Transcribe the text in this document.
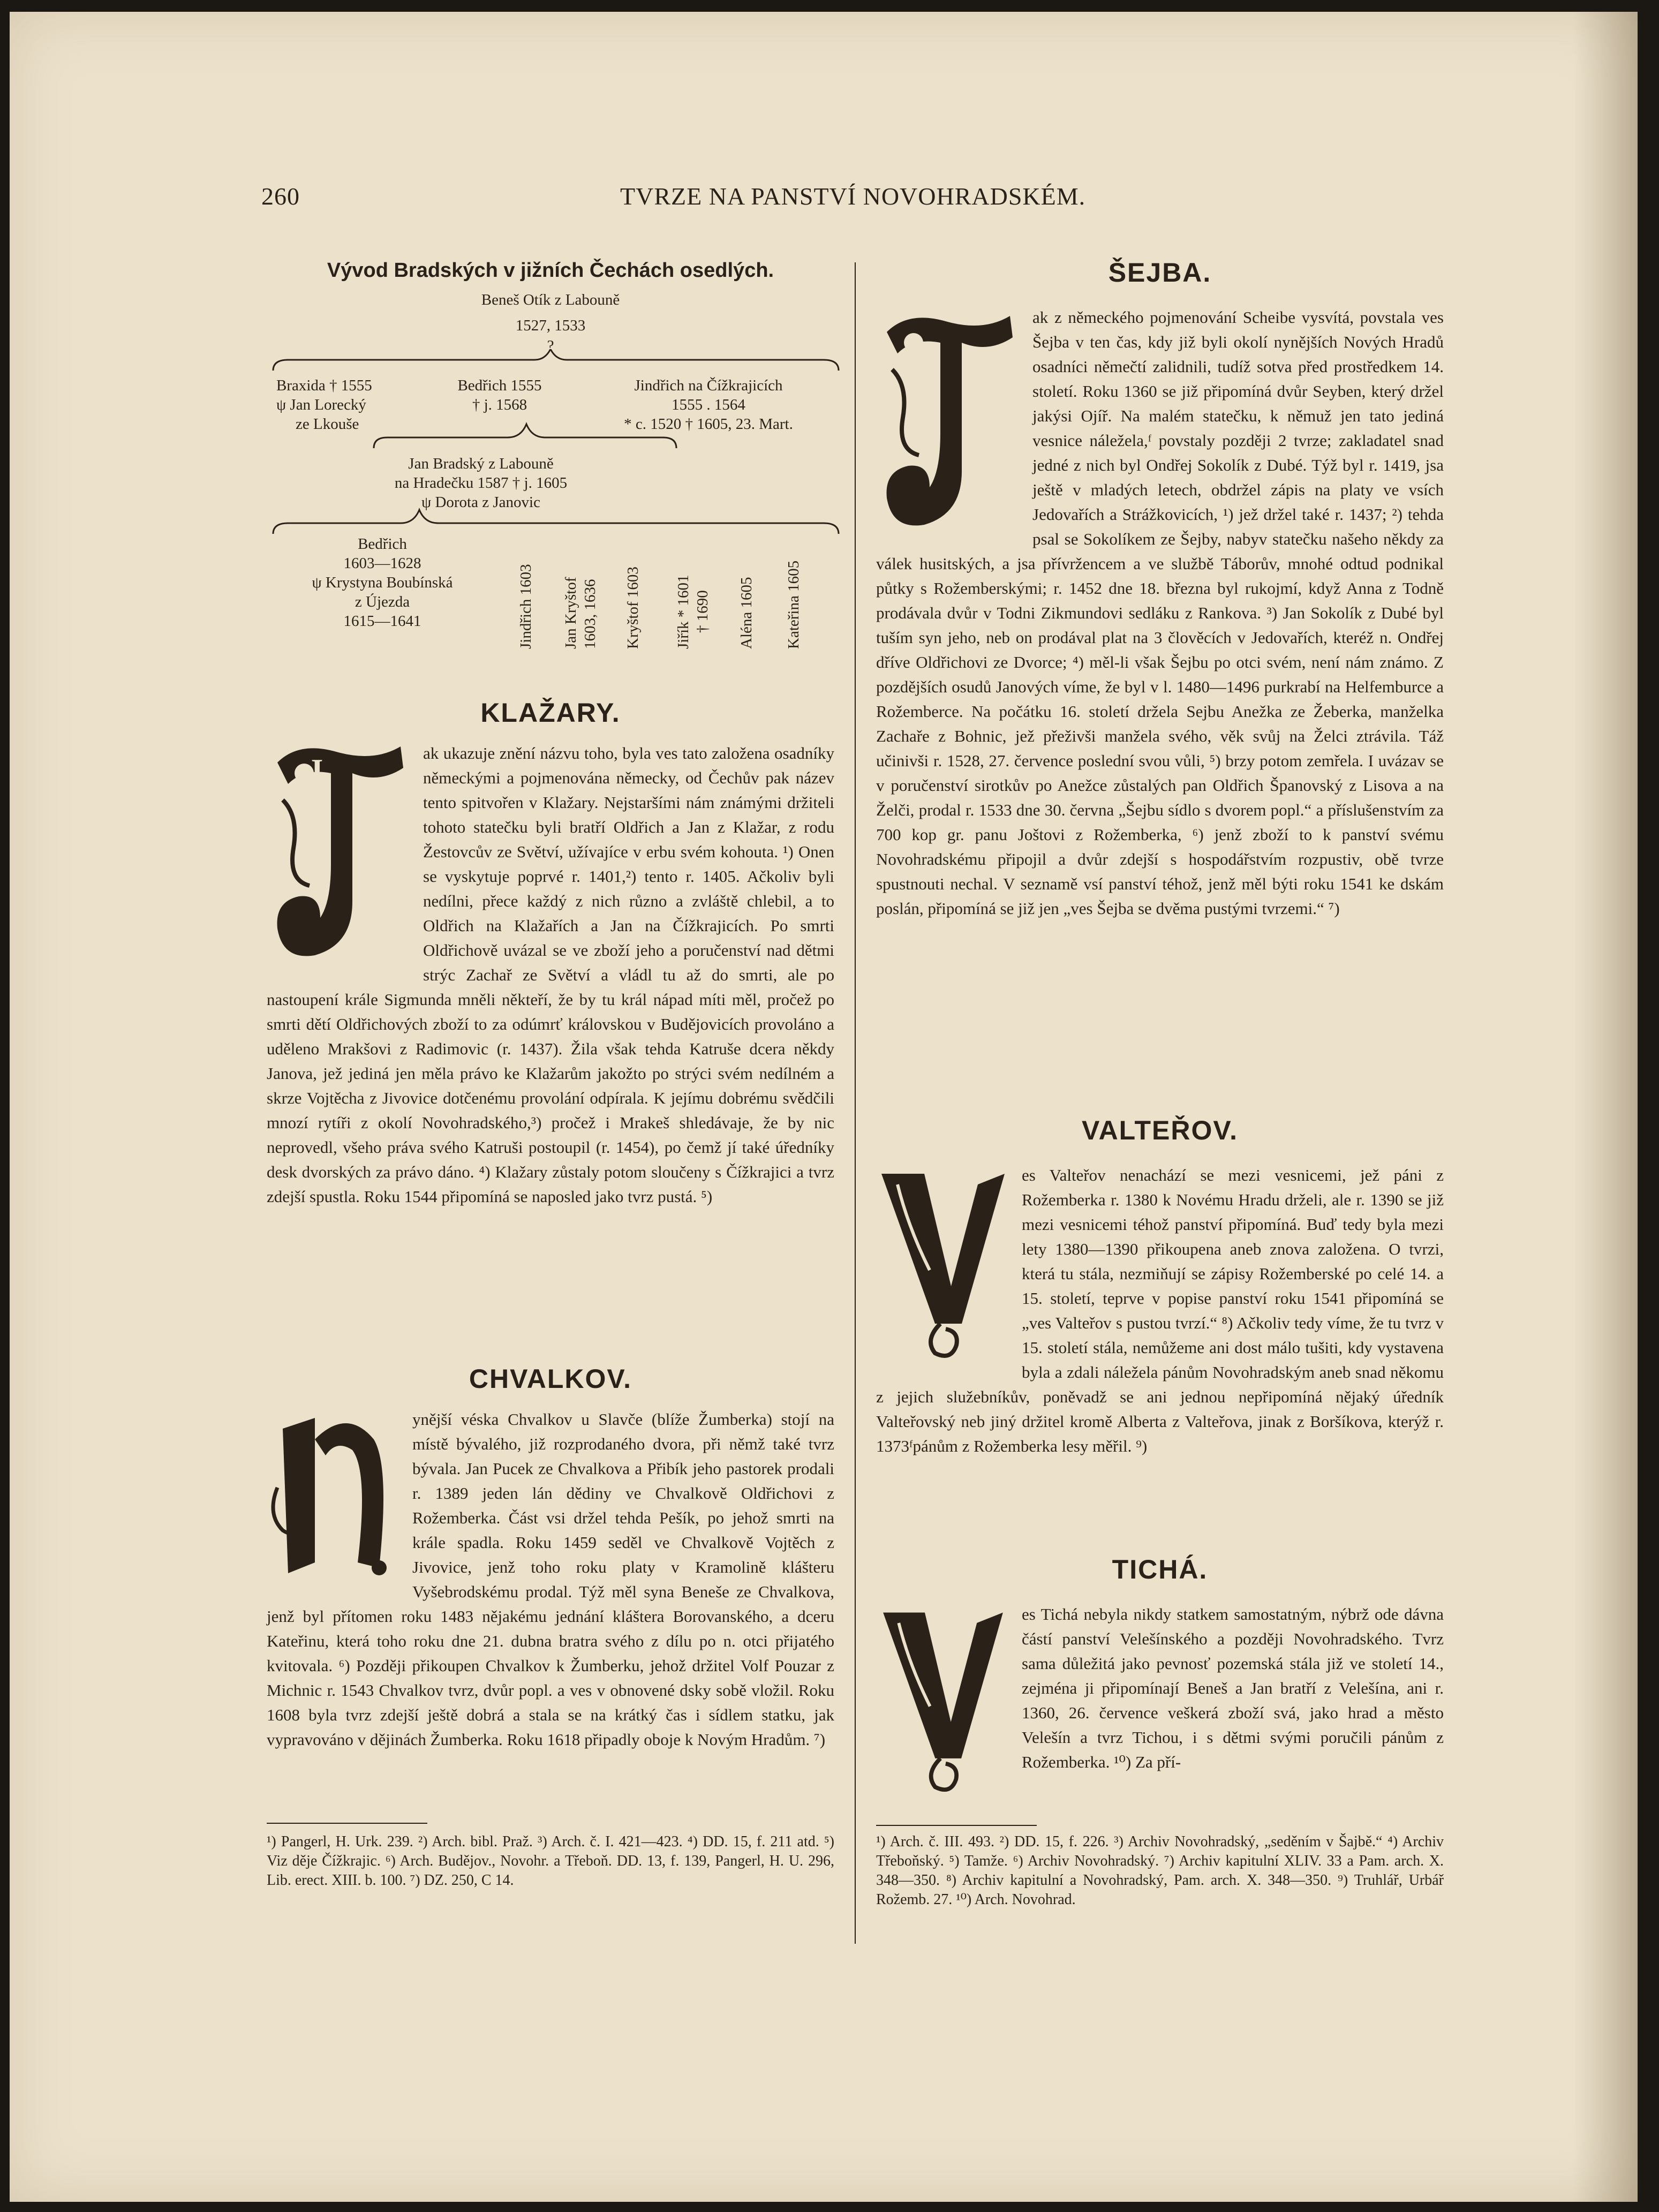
260	TVRZE NA PANSTVÍ NOVOHRADSKÉM.
Vývod Bradských v jižních Čechách osedlých.
Beneš Otík z Labouně
1527, 1533
?
Braxida † 1555
ψ Jan Lorecký
ze Lkouše
Bedřich 1555
† j. 1568
Jindřich na Čížkrajicích
1555 . 1564
* c. 1520 † 1605, 23. Mart.
Jan Bradský z Labouně
na Hradečku 1587 † j. 1605
ψ Dorota z Janovic
Bedřich
1603—1628
ψ Krystyna Boubínská
z Újezda
1615—1641	Jindřich 1603 Jan Kryštof 1603, 1636 Kryštof 1603 Jiřík * 1601 † 1690 Aléna 1605 Kateřina 1605
KLAŽARY.
J	ak ukazuje znění názvu toho, byla ves tato založena osadníky německými a pojmenována německy, od Čechův pak název tento spitvořen v Klažary. Nejstaršími nám známými držiteli tohoto statečku byli bratří Oldřich a Jan z Klažar, z rodu Žestovcův ze Světví, užívajíce v erbu svém kohouta. ¹) Onen se vyskytuje poprvé r. 1401,²) tento r. 1405. Ačkoliv byli nedílni, přece každý z nich různo a zvláště chlebil, a to Oldřich na Klažařích a Jan na Čížkrajicích. Po smrti Oldřichově uvázal se ve zboží jeho a poručenství nad dětmi strýc Zachař ze Světví a vládl tu až do smrti, ale po nastoupení krále Sigmunda mněli někteří, že by tu král nápad míti měl, pročež po smrti dětí Oldřichových zboží to za odúmrť královskou v Budějovicích provoláno a uděleno Mrakšovi z Radimovic (r. 1437). Žila však tehda Katruše dcera někdy Janova, jež jediná jen měla právo ke Klažarům jakožto po strýci svém nedílném a skrze Vojtěcha z Jivovice dotčenému provolání odpírala. K jejímu dobrému svědčili mnozí rytíři z okolí Novohradského,³) pročež i Mrakeš shledávaje, že by nic neprovedl, všeho práva svého Katruši postoupil (r. 1454), po čemž jí také úředníky desk dvorských za právo dáno. ⁴) Klažary zůstaly potom sloučeny s Čížkrajici a tvrz zdejší spustla. Roku 1544 připomíná se naposled jako tvrz pustá. ⁵)

CHVALKOV.

ynější véska Chvalkov u Slavče (blíže Žumberka) stojí na místě bývalého, již rozprodaného dvora, při němž také tvrz bývala. Jan Pucek ze Chvalkova a Přibík jeho pastorek prodali r. 1389 jeden lán dědiny ve Chvalkově Oldřichovi z Rožemberka. Část vsi držel tehda Pešík, po jehož smrti na krále spadla. Roku 1459 seděl ve Chvalkově Vojtěch z Jivovice, jenž toho roku platy v Kramolině klášteru Vyšebrodskému prodal. Týž měl syna Beneše ze Chvalkova, jenž byl přítomen roku 1483 nějakému jednání kláštera Borovanského, a dceru Kateřinu, která toho roku dne 21. dubna bratra svého z dílu po n. otci přijatého kvitovala. ⁶) Později přikoupen Chvalkov k Žumberku, jehož držitel Volf Pouzar z Michnic r. 1543 Chvalkov tvrz, dvůr popl. a ves v obnovené dsky sobě vložil. Roku 1608 byla tvrz zdejší ještě dobrá a stala se na krátký čas i sídlem statku, jak vypravováno v dějinách Žumberka. Roku 1618 připadly oboje k Novým Hradům. ⁷)

¹) Pangerl, H. Urk. 239. ²) Arch. bibl. Praž. ³) Arch. č. I. 421—423. ⁴) DD. 15, f. 211 atd. ⁵) Viz děje Čížkrajic. ⁶) Arch. Budějov., Novohr. a Třeboň. DD. 13, f. 139, Pangerl, H. U. 296, Lib. erect. XIII. b. 100. ⁷) DZ. 250, C 14.
ŠEJBA.

ak z německého pojmenování Scheibe vysvítá, povstala ves Šejba v ten čas, kdy již byli okolí nynějších Nových Hradů osadníci němečtí zalidnili, tudíž sotva před prostředkem 14. století. Roku 1360 se již připomíná dvůr Seyben, který držel jakýsi Ojíř. Na malém statečku, k němuž jen tato jediná vesnice náležela,ᶠ povstaly později 2 tvrze; zakladatel snad jedné z nich byl Ondřej Sokolík z Dubé. Týž byl r. 1419, jsa ještě v mladých letech, obdržel zápis na platy ve vsích Jedovařích a Strážkovicích, ¹) jež držel také r. 1437; ²) tehda psal se Sokolíkem ze Šejby, nabyv statečku našeho někdy za válek husitských, a jsa přívržencem a ve službě Táborův, mnohé odtud podnikal půtky s Rožemberskými; r. 1452 dne 18. března byl rukojmí, když Anna z Todně prodávala dvůr v Todni Zikmundovi sedláku z Rankova. ³) Jan Sokolík z Dubé byl tuším syn jeho, neb on prodával plat na 3 člověcích v Jedovařích, kteréž n. Ondřej dříve Oldřichovi ze Dvorce; ⁴) měl-li však Šejbu po otci svém, není nám známo. Z pozdějších osudů Janových víme, že byl v l. 1480—1496 purkrabí na Helfemburce a Rožemberce. Na počátku 16. století držela Sejbu Anežka ze Žeberka, manželka Zachaře z Bohnic, jež přeživši manžela svého, věk svůj na Želci ztrávila. Táž učinivši r. 1528, 27. července poslední svou vůli, ⁵) brzy potom zemřela. I uvázav se v poručenství sirotkův po Anežce zůstalých pan Oldřich Španovský z Lisova a na Želči, prodal r. 1533 dne 30. června „Šejbu sídlo s dvorem popl.“ a příslušenstvím za 700 kop gr. panu Joštovi z Rožemberka, ⁶) jenž zboží to k panství svému Novohradskému připojil a dvůr zdejší s hospodářstvím rozpustiv, obě tvrze spustnouti nechal. V seznamě vsí panství téhož, jenž měl býti roku 1541 ke dskám poslán, připomíná se již jen „ves Šejba se dvěma pustými tvrzemi.“ ⁷)

VALTEŘOV.

es Valteřov nenachází se mezi vesnicemi, jež páni z Rožemberka r. 1380 k Novému Hradu drželi, ale r. 1390 se již mezi vesnicemi téhož panství připomíná. Buď tedy byla mezi lety 1380—1390 přikoupena aneb znova založena. O tvrzi, která tu stála, nezmiňují se zápisy Rožemberské po celé 14. a 15. století, teprve v popise panství roku 1541 připomíná se „ves Valteřov s pustou tvrzí.“ ⁸) Ačkoliv tedy víme, že tu tvrz v 15. století stála, nemůžeme ani dost málo tušiti, kdy vystavena byla a zdali náležela pánům Novohradským aneb snad někomu z jejich služebníkův, poněvadž se ani jednou nepřipomíná nějaký úředník Valteřovský neb jiný držitel kromě Alberta z Valteřova, jinak z Boršíkova, kterýž r. 1373ᶠpánům z Rožemberka lesy měřil. ⁹)

TICHÁ.

es Tichá nebyla nikdy statkem samostatným, nýbrž ode dávna částí panství Velešínského a později Novohradského. Tvrz sama důležitá jako pevnosť pozemská stála již ve století 14., zejména ji připomínají Beneš a Jan bratří z Velešína, ani r. 1360, 26. července veškerá zboží svá, jako hrad a město Velešín a tvrz Tichou, i s dětmi svými poručili pánům z Rožemberka. ¹⁰) Za pří-

¹) Arch. č. III. 493. ²) DD. 15, f. 226. ³) Archiv Novohradský, „seděním v Šajbě.“ ⁴) Archiv Třeboňský. ⁵) Tamže. ⁶) Archiv Novohradský. ⁷) Archiv kapitulní XLIV. 33 a Pam. arch. X. 348—350. ⁸) Archiv kapitulní a Novohradský, Pam. arch. X. 348—350. ⁹) Truhlář, Urbář Rožemb. 27. ¹⁰) Arch. Novohrad.
